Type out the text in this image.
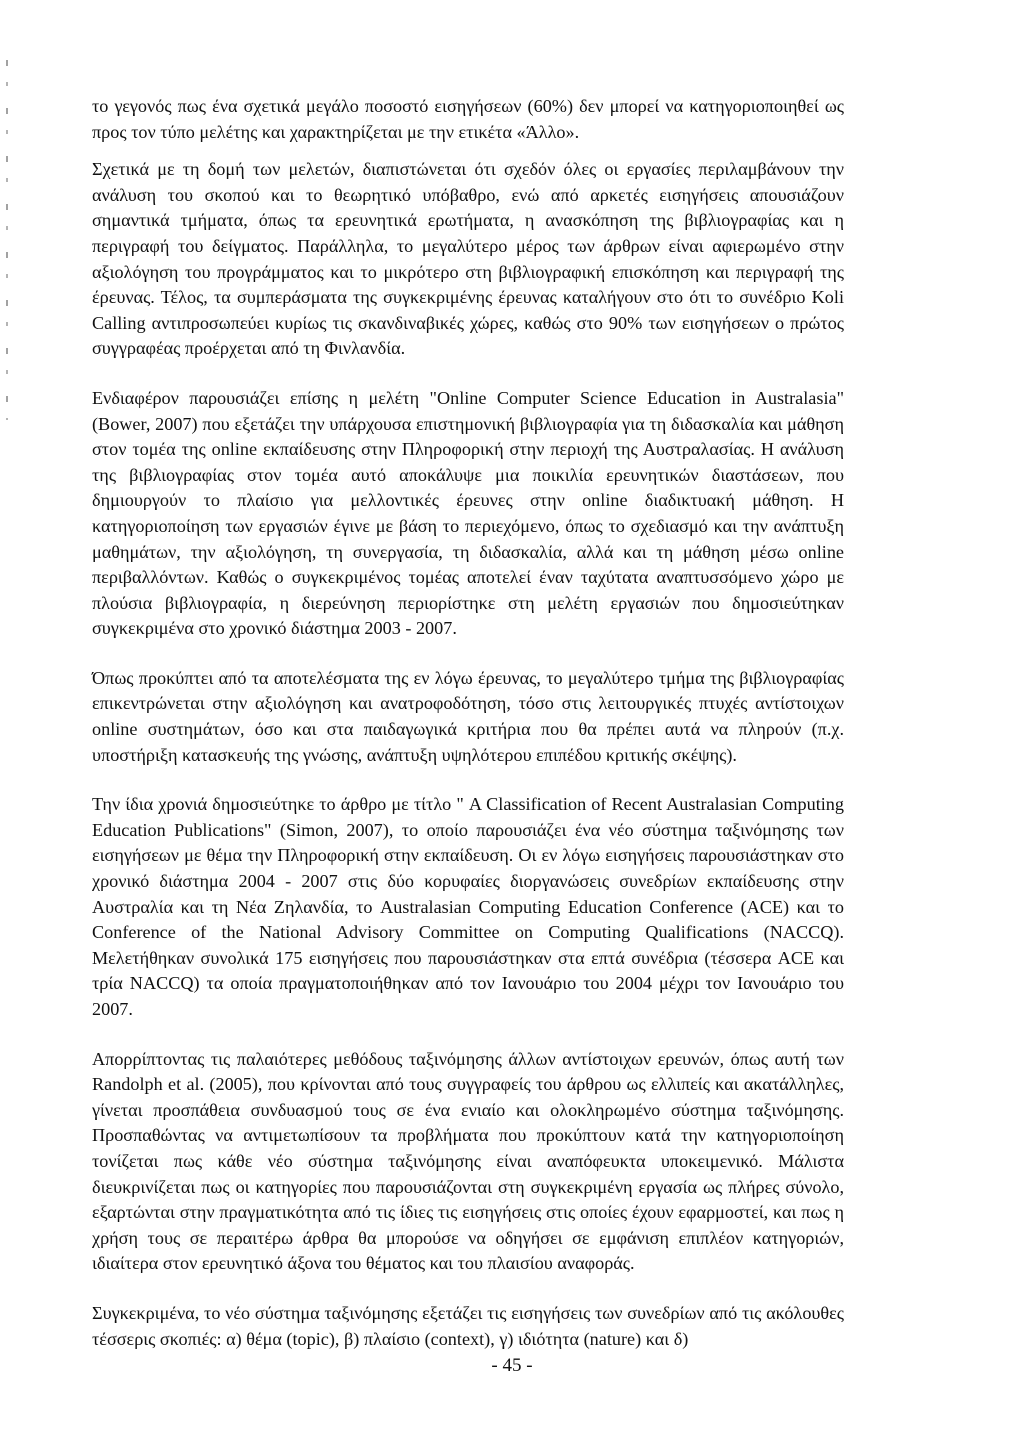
το γεγονός πως ένα σχετικά μεγάλο ποσοστό εισηγήσεων (60%) δεν μπορεί να κατηγοριοποιηθεί ως προς τον τύπο μελέτης και χαρακτηρίζεται με την ετικέτα «Άλλο».

Σχετικά με τη δομή των μελετών, διαπιστώνεται ότι σχεδόν όλες οι εργασίες περιλαμβάνουν την ανάλυση του σκοπού και το θεωρητικό υπόβαθρο, ενώ από αρκετές εισηγήσεις απουσιάζουν σημαντικά τμήματα, όπως τα ερευνητικά ερωτήματα, η ανασκόπηση της βιβλιογραφίας και η περιγραφή του δείγματος. Παράλληλα, το μεγαλύτερο μέρος των άρθρων είναι αφιερωμένο στην αξιολόγηση του προγράμματος και το μικρότερο στη βιβλιογραφική επισκόπηση και περιγραφή της έρευνας. Τέλος, τα συμπεράσματα της συγκεκριμένης έρευνας καταλήγουν στο ότι το συνέδριο Koli Calling αντιπροσωπεύει κυρίως τις σκανδιναβικές χώρες, καθώς στο 90% των εισηγήσεων ο πρώτος συγγραφέας προέρχεται από τη Φινλανδία.

Ενδιαφέρον παρουσιάζει επίσης η μελέτη "Online Computer Science Education in Australasia" (Bower, 2007) που εξετάζει την υπάρχουσα επιστημονική βιβλιογραφία για τη διδασκαλία και μάθηση στον τομέα της online εκπαίδευσης στην Πληροφορική στην περιοχή της Αυστραλασίας. Η ανάλυση της βιβλιογραφίας στον τομέα αυτό αποκάλυψε μια ποικιλία ερευνητικών διαστάσεων, που δημιουργούν το πλαίσιο για μελλοντικές έρευνες στην online διαδικτυακή μάθηση. Η κατηγοριοποίηση των εργασιών έγινε με βάση το περιεχόμενο, όπως το σχεδιασμό και την ανάπτυξη μαθημάτων, την αξιολόγηση, τη συνεργασία, τη διδασκαλία, αλλά και τη μάθηση μέσω online περιβαλλόντων. Καθώς ο συγκεκριμένος τομέας αποτελεί έναν ταχύτατα αναπτυσσόμενο χώρο με πλούσια βιβλιογραφία, η διερεύνηση περιορίστηκε στη μελέτη εργασιών που δημοσιεύτηκαν συγκεκριμένα στο χρονικό διάστημα 2003 - 2007.

Όπως προκύπτει από τα αποτελέσματα της εν λόγω έρευνας, το μεγαλύτερο τμήμα της βιβλιογραφίας επικεντρώνεται στην αξιολόγηση και ανατροφοδότηση, τόσο στις λειτουργικές πτυχές αντίστοιχων online συστημάτων, όσο και στα παιδαγωγικά κριτήρια που θα πρέπει αυτά να πληρούν (π.χ. υποστήριξη κατασκευής της γνώσης, ανάπτυξη υψηλότερου επιπέδου κριτικής σκέψης).

Την ίδια χρονιά δημοσιεύτηκε το άρθρο με τίτλο " A Classification of Recent Australasian Computing Education Publications" (Simon, 2007), το οποίο παρουσιάζει ένα νέο σύστημα ταξινόμησης των εισηγήσεων με θέμα την Πληροφορική στην εκπαίδευση. Οι εν λόγω εισηγήσεις παρουσιάστηκαν στο χρονικό διάστημα 2004 - 2007 στις δύο κορυφαίες διοργανώσεις συνεδρίων εκπαίδευσης στην Αυστραλία και τη Νέα Ζηλανδία, το Australasian Computing Education Conference (ACE) και το Conference of the National Advisory Committee on Computing Qualifications (NACCQ). Μελετήθηκαν συνολικά 175 εισηγήσεις που παρουσιάστηκαν στα επτά συνέδρια (τέσσερα ACE και τρία NACCQ) τα οποία πραγματοποιήθηκαν από τον Ιανουάριο του 2004 μέχρι τον Ιανουάριο του 2007.

Απορρίπτοντας τις παλαιότερες μεθόδους ταξινόμησης άλλων αντίστοιχων ερευνών, όπως αυτή των Randolph et al. (2005), που κρίνονται από τους συγγραφείς του άρθρου ως ελλιπείς και ακατάλληλες, γίνεται προσπάθεια συνδυασμού τους σε ένα ενιαίο και ολοκληρωμένο σύστημα ταξινόμησης. Προσπαθώντας να αντιμετωπίσουν τα προβλήματα που προκύπτουν κατά την κατηγοριοποίηση τονίζεται πως κάθε νέο σύστημα ταξινόμησης είναι αναπόφευκτα υποκειμενικό. Μάλιστα διευκρινίζεται πως οι κατηγορίες που παρουσιάζονται στη συγκεκριμένη εργασία ως πλήρες σύνολο, εξαρτώνται στην πραγματικότητα από τις ίδιες τις εισηγήσεις στις οποίες έχουν εφαρμοστεί, και πως η χρήση τους σε περαιτέρω άρθρα θα μπορούσε να οδηγήσει σε εμφάνιση επιπλέον κατηγοριών, ιδιαίτερα στον ερευνητικό άξονα του θέματος και του πλαισίου αναφοράς.

Συγκεκριμένα, το νέο σύστημα ταξινόμησης εξετάζει τις εισηγήσεις των συνεδρίων από τις ακόλουθες τέσσερις σκοπιές: α) θέμα (topic), β) πλαίσιο (context), γ) ιδιότητα (nature) και δ)

- 45 -
